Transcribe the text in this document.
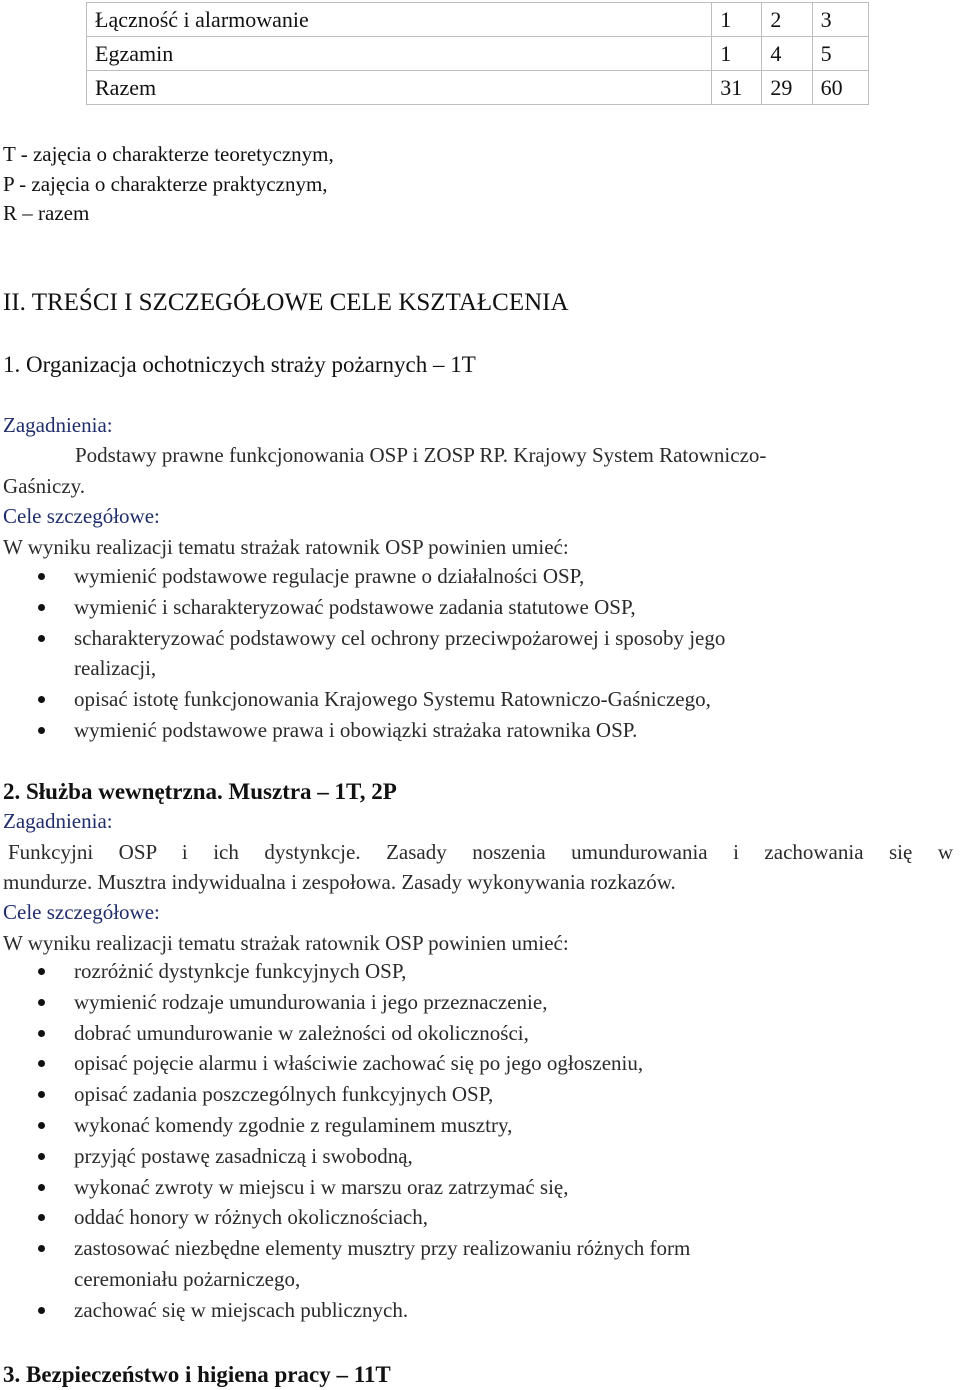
Łączność i alarmowanie	1	2	3
Egzamin	1	4	5
Razem	31	29	60
T - zajęcia o charakterze teoretycznym,
P - zajęcia o charakterze praktycznym,
R – razem
II. TREŚCI I SZCZEGÓŁOWE CELE KSZTAŁCENIA
1. Organizacja ochotniczych straży pożarnych – 1T
Zagadnienia:
Podstawy prawne funkcjonowania OSP i ZOSP RP. Krajowy System Ratowniczo-
Gaśniczy.
Cele szczegółowe:
W wyniku realizacji tematu strażak ratownik OSP powinien umieć:
wymienić podstawowe regulacje prawne o działalności OSP,
wymienić i scharakteryzować podstawowe zadania statutowe OSP,
scharakteryzować podstawowy cel ochrony przeciwpożarowej i sposoby jego
realizacji,
opisać istotę funkcjonowania Krajowego Systemu Ratowniczo-Gaśniczego,
wymienić podstawowe prawa i obowiązki strażaka ratownika OSP.
2. Służba wewnętrzna. Musztra – 1T, 2P
Zagadnienia:
Funkcyjni OSP i ich dystynkcje. Zasady noszenia umundurowania i zachowania się w
mundurze. Musztra indywidualna i zespołowa. Zasady wykonywania rozkazów.
Cele szczegółowe:
W wyniku realizacji tematu strażak ratownik OSP powinien umieć:
rozróżnić dystynkcje funkcyjnych OSP,
wymienić rodzaje umundurowania i jego przeznaczenie,
dobrać umundurowanie w zależności od okoliczności,
opisać pojęcie alarmu i właściwie zachować się po jego ogłoszeniu,
opisać zadania poszczególnych funkcyjnych OSP,
wykonać komendy zgodnie z regulaminem musztry,
przyjąć postawę zasadniczą i swobodną,
wykonać zwroty w miejscu i w marszu oraz zatrzymać się,
oddać honory w różnych okolicznościach,
zastosować niezbędne elementy musztry przy realizowaniu różnych form
ceremoniału pożarniczego,
zachować się w miejscach publicznych.
3. Bezpieczeństwo i higiena pracy – 11T
